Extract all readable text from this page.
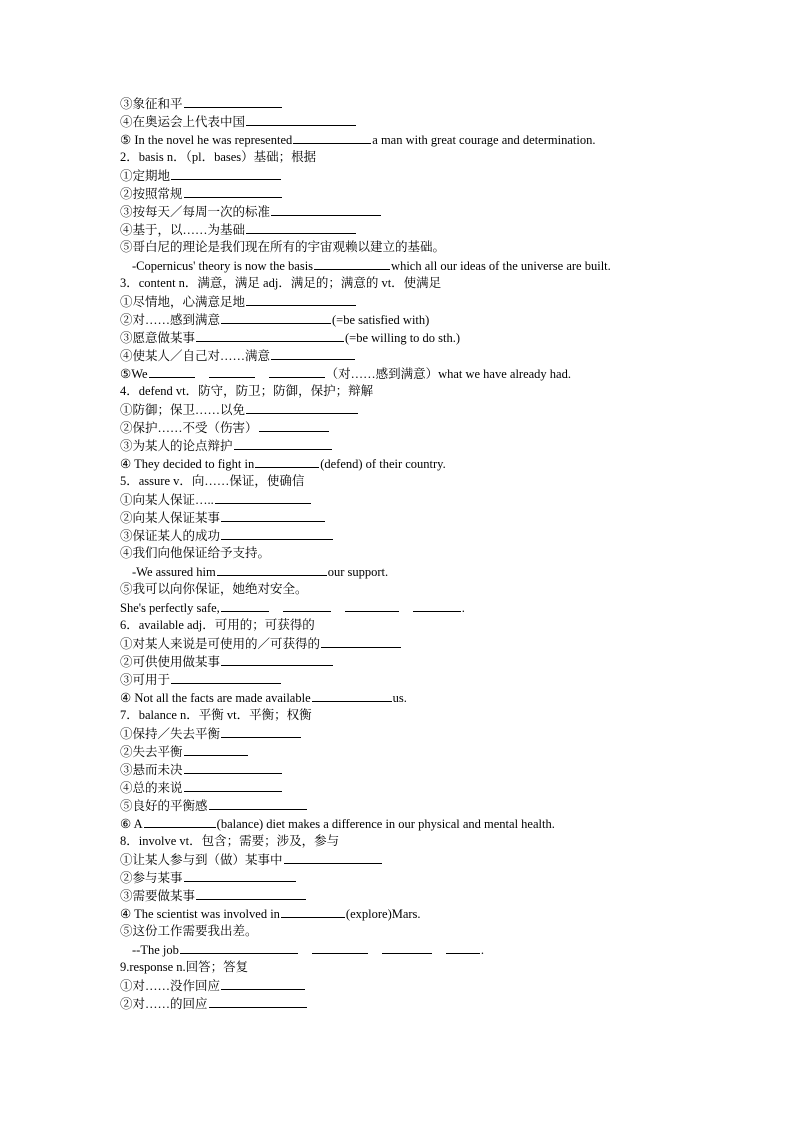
③象征和平
④在奥运会上代表中国
⑤ In the novel he was represented	a man with great courage and determination.
2．basis n．（pl．bases）基础；根据
①定期地
②按照常规
③按每天／每周一次的标准
④基于，以……为基础
⑤哥白尼的理论是我们现在所有的宇宙观赖以建立的基础。
-Copernicus' theory is now the basis	which all our ideas of the universe are built.
3．content n．满意，满足 adj．满足的；满意的 vt．使满足
①尽情地，心满意足地
②对……感到满意	(=be satisfied with)
③愿意做某事	(=be willing to do sth.)
④使某人／自己对……满意
⑤We	（对……感到满意）what we have already had.
4．defend vt．防守，防卫；防御，保护；辩解
①防御；保卫……以免
②保护……不受（伤害）
③为某人的论点辩护
④ They decided to fight in	(defend) of their country.
5．assure v．向……保证，使确信
①向某人保证…..
②向某人保证某事
③保证某人的成功
④我们向他保证给予支持。
-We assured him	our support.
⑤我可以向你保证，她绝对安全。
She's perfectly safe,	.
6．available adj．可用的；可获得的
①对某人来说是可使用的／可获得的
②可供使用做某事
③可用于
④ Not all the facts are made available	us.
7．balance n．平衡 vt．平衡；权衡
①保持／失去平衡
②失去平衡
③悬而未决
④总的来说
⑤良好的平衡感
⑥ A	(balance) diet makes a difference in our physical and mental health.
8．involve vt．包含；需要；涉及，参与
①让某人参与到（做）某事中
②参与某事
③需要做某事
④ The scientist was involved in	(explore)Mars.
⑤这份工作需要我出差。
--The job	.
9.response n.回答；答复
①对……没作回应
②对……的回应
